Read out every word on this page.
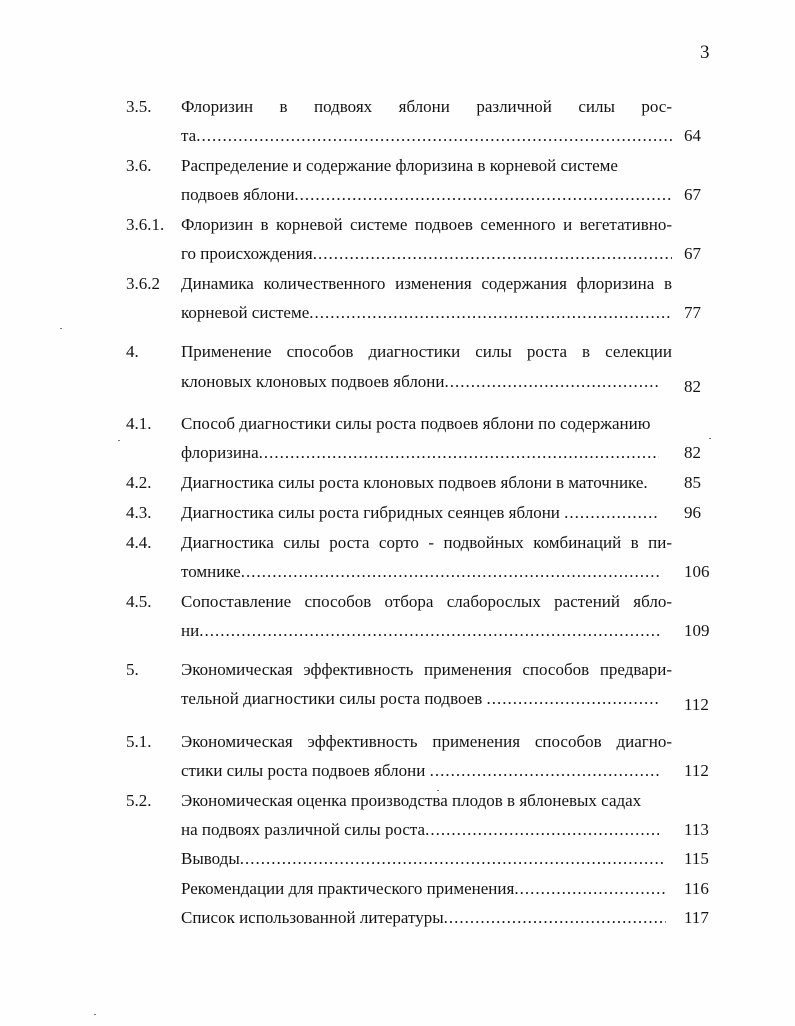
3
3.5. Флоризин в подвоях яблони различной силы рос-
та .....	64
3.6. Распределение и содержание флоризина в корневой системе
подвоев яблони .....	67
3.6.1. Флоризин в корневой системе подвоев семенного и вегетативно-
го происхождения .....	67
3.6.2 Динамика количественного изменения содержания флоризина в
корневой системе .....	77
4. Применение способов диагностики силы роста в селекции
клоновых клоновых подвоев яблони .....	82
4.1. Способ диагностики силы роста подвоев яблони по содержанию
флоризина .....	82
4.2. Диагностика силы роста клоновых подвоев яблони в маточнике.	85
4.3. Диагностика силы роста гибридных сеянцев яблони .....	96
4.4. Диагностика силы роста сорто - подвойных комбинаций в пи-
томнике .....	106
4.5. Сопоставление способов отбора слаборослых растений ябло-
ни .....	109
5. Экономическая эффективность применения способов предвари-
тельной диагностики силы роста подвоев .....	112
5.1. Экономическая эффективность применения способов диагно-
стики силы роста подвоев яблони .....	112
5.2. Экономическая оценка производства плодов в яблоневых садах
на подвоях различной силы роста .....	113
Выводы .....	115
Рекомендации для практического применения .....	116
Список использованной литературы .....	117
